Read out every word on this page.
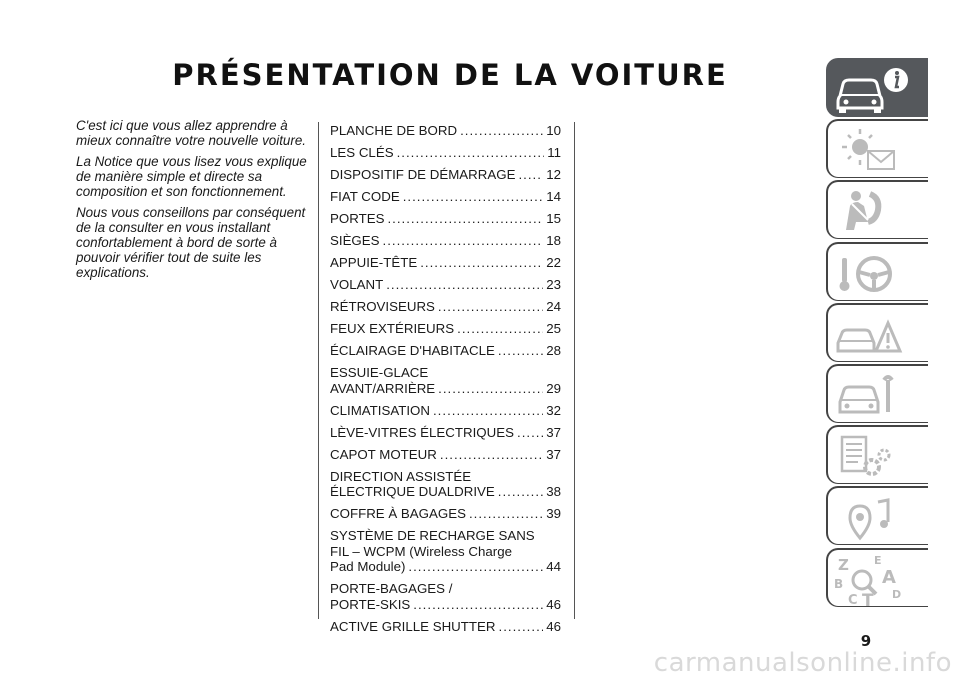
PRÉSENTATION DE LA VOITURE

C'est ici que vous allez apprendre à mieux connaître votre nouvelle voiture.

La Notice que vous lisez vous explique de manière simple et directe sa composition et son fonctionnement.

Nous vous conseillons par conséquent de la consulter en vous installant confortablement à bord de sorte à pouvoir vérifier tout de suite les explications.

PLANCHE DE BORD .....	10
LES CLÉS .....	11
DISPOSITIF DE DÉMARRAGE ..... 12
FIAT CODE .....	14
PORTES .....	15
SIÈGES .....	18
APPUIE-TÊTE .....	22
VOLANT .....	23
RÉTROVISEURS .....	24
FEUX EXTÉRIEURS .....	25
ÉCLAIRAGE D'HABITACLE .....	28
ESSUIE-GLACE
AVANT/ARRIÈRE .....	29
CLIMATISATION .....	32
LÈVE-VITRES ÉLECTRIQUES ..... 37
CAPOT MOTEUR .....	37
DIRECTION ASSISTÉE
ÉLECTRIQUE DUALDRIVE .....	38
COFFRE À BAGAGES .....	39
SYSTÈME DE RECHARGE SANS
FIL – WCPM (Wireless Charge
Pad Module) .....	44
PORTE-BAGAGES /
PORTE-SKIS .....	46
ACTIVE GRILLE SHUTTER .....	46
Z E
A
B
D
C T
9
carmanualsonline.info
